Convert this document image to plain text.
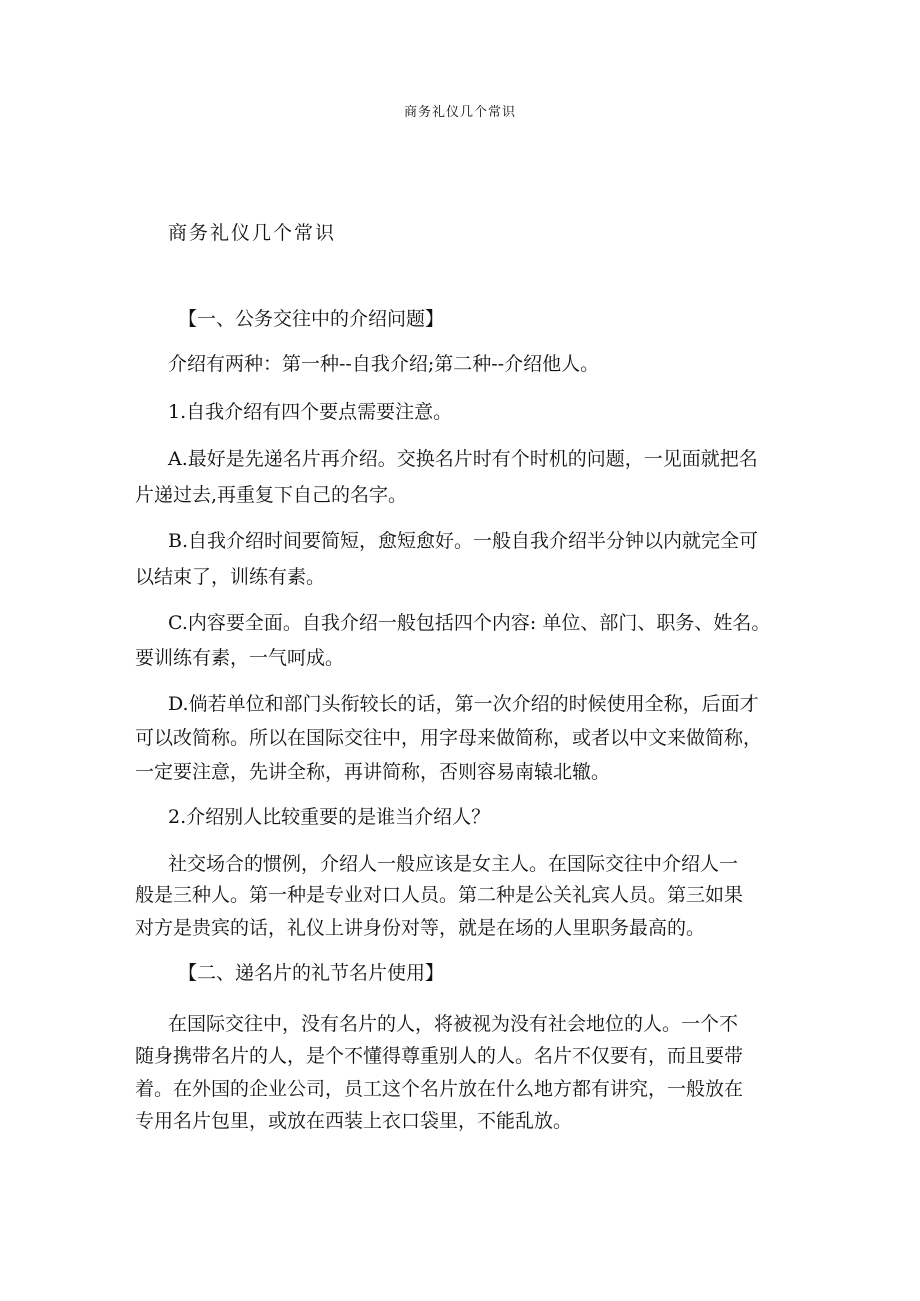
商务礼仪几个常识
商务礼仪几个常识
【一、公务交往中的介绍问题】
介绍有两种：第一种--自我介绍;第二种--介绍他人。
1.自我介绍有四个要点需要注意。
A.最好是先递名片再介绍。交换名片时有个时机的问题，一见面就把名
片递过去,再重复下自己的名字。
B.自我介绍时间要简短，愈短愈好。一般自我介绍半分钟以内就完全可
以结束了，训练有素。
C.内容要全面。自我介绍一般包括四个内容: 单位、部门、职务、姓名。
要训练有素，一气呵成。
D.倘若单位和部门头衔较长的话，第一次介绍的时候使用全称，后面才
可以改简称。所以在国际交往中，用字母来做简称，或者以中文来做简称，
一定要注意，先讲全称，再讲简称，否则容易南辕北辙。
2.介绍别人比较重要的是谁当介绍人？
社交场合的惯例，介绍人一般应该是女主人。在国际交往中介绍人一
般是三种人。第一种是专业对口人员。第二种是公关礼宾人员。第三如果
对方是贵宾的话，礼仪上讲身份对等，就是在场的人里职务最高的。
【二、递名片的礼节名片使用】
在国际交往中，没有名片的人，将被视为没有社会地位的人。一个不
随身携带名片的人，是个不懂得尊重别人的人。名片不仅要有，而且要带
着。在外国的企业公司，员工这个名片放在什么地方都有讲究，一般放在
专用名片包里，或放在西装上衣口袋里，不能乱放。
